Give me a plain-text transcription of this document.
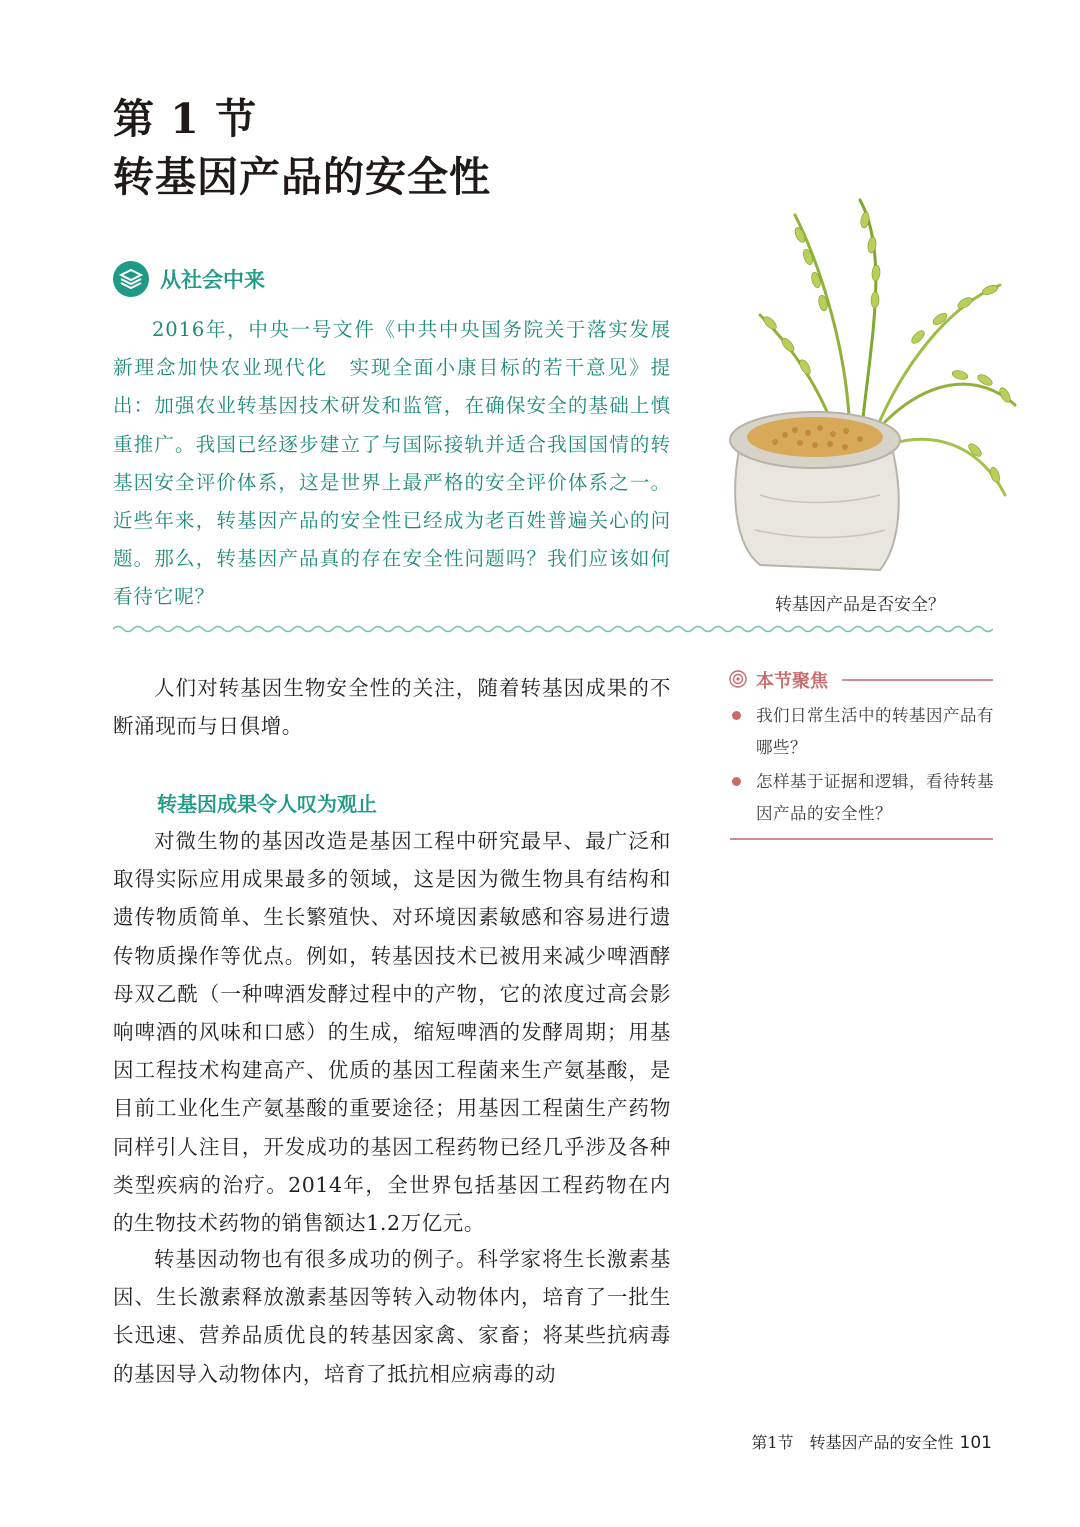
第 1 节
转基因产品的安全性
从社会中来
2016年，中央一号文件《中共中央国务院关于落实发展新理念加快农业现代化　实现全面小康目标的若干意见》提出：加强农业转基因技术研发和监管，在确保安全的基础上慎重推广。我国已经逐步建立了与国际接轨并适合我国国情的转基因安全评价体系，这是世界上最严格的安全评价体系之一。近些年来，转基因产品的安全性已经成为老百姓普遍关心的问题。那么，转基因产品真的存在安全性问题吗？我们应该如何看待它呢？	转基因产品是否安全？

人们对转基因生物安全性的关注，随着转基因成果的不断涌现而与日俱增。

转基因成果令人叹为观止

对微生物的基因改造是基因工程中研究最早、最广泛和取得实际应用成果最多的领域，这是因为微生物具有结构和遗传物质简单、生长繁殖快、对环境因素敏感和容易进行遗传物质操作等优点。例如，转基因技术已被用来减少啤酒酵母双乙酰（一种啤酒发酵过程中的产物，它的浓度过高会影响啤酒的风味和口感）的生成，缩短啤酒的发酵周期；用基因工程技术构建高产、优质的基因工程菌来生产氨基酸，是目前工业化生产氨基酸的重要途径；用基因工程菌生产药物同样引人注目，开发成功的基因工程药物已经几乎涉及各种类型疾病的治疗。2014年，全世界包括基因工程药物在内的生物技术药物的销售额达1.2万亿元。

转基因动物也有很多成功的例子。科学家将生长激素基因、生长激素释放激素基因等转入动物体内，培育了一批生长迅速、营养品质优良的转基因家禽、家畜；将某些抗病毒的基因导入动物体内，培育了抵抗相应病毒的动

本节聚焦
我们日常生活中的转基因产品有哪些？
怎样基于证据和逻辑，看待转基因产品的安全性？
第1节　转基因产品的安全性 101
